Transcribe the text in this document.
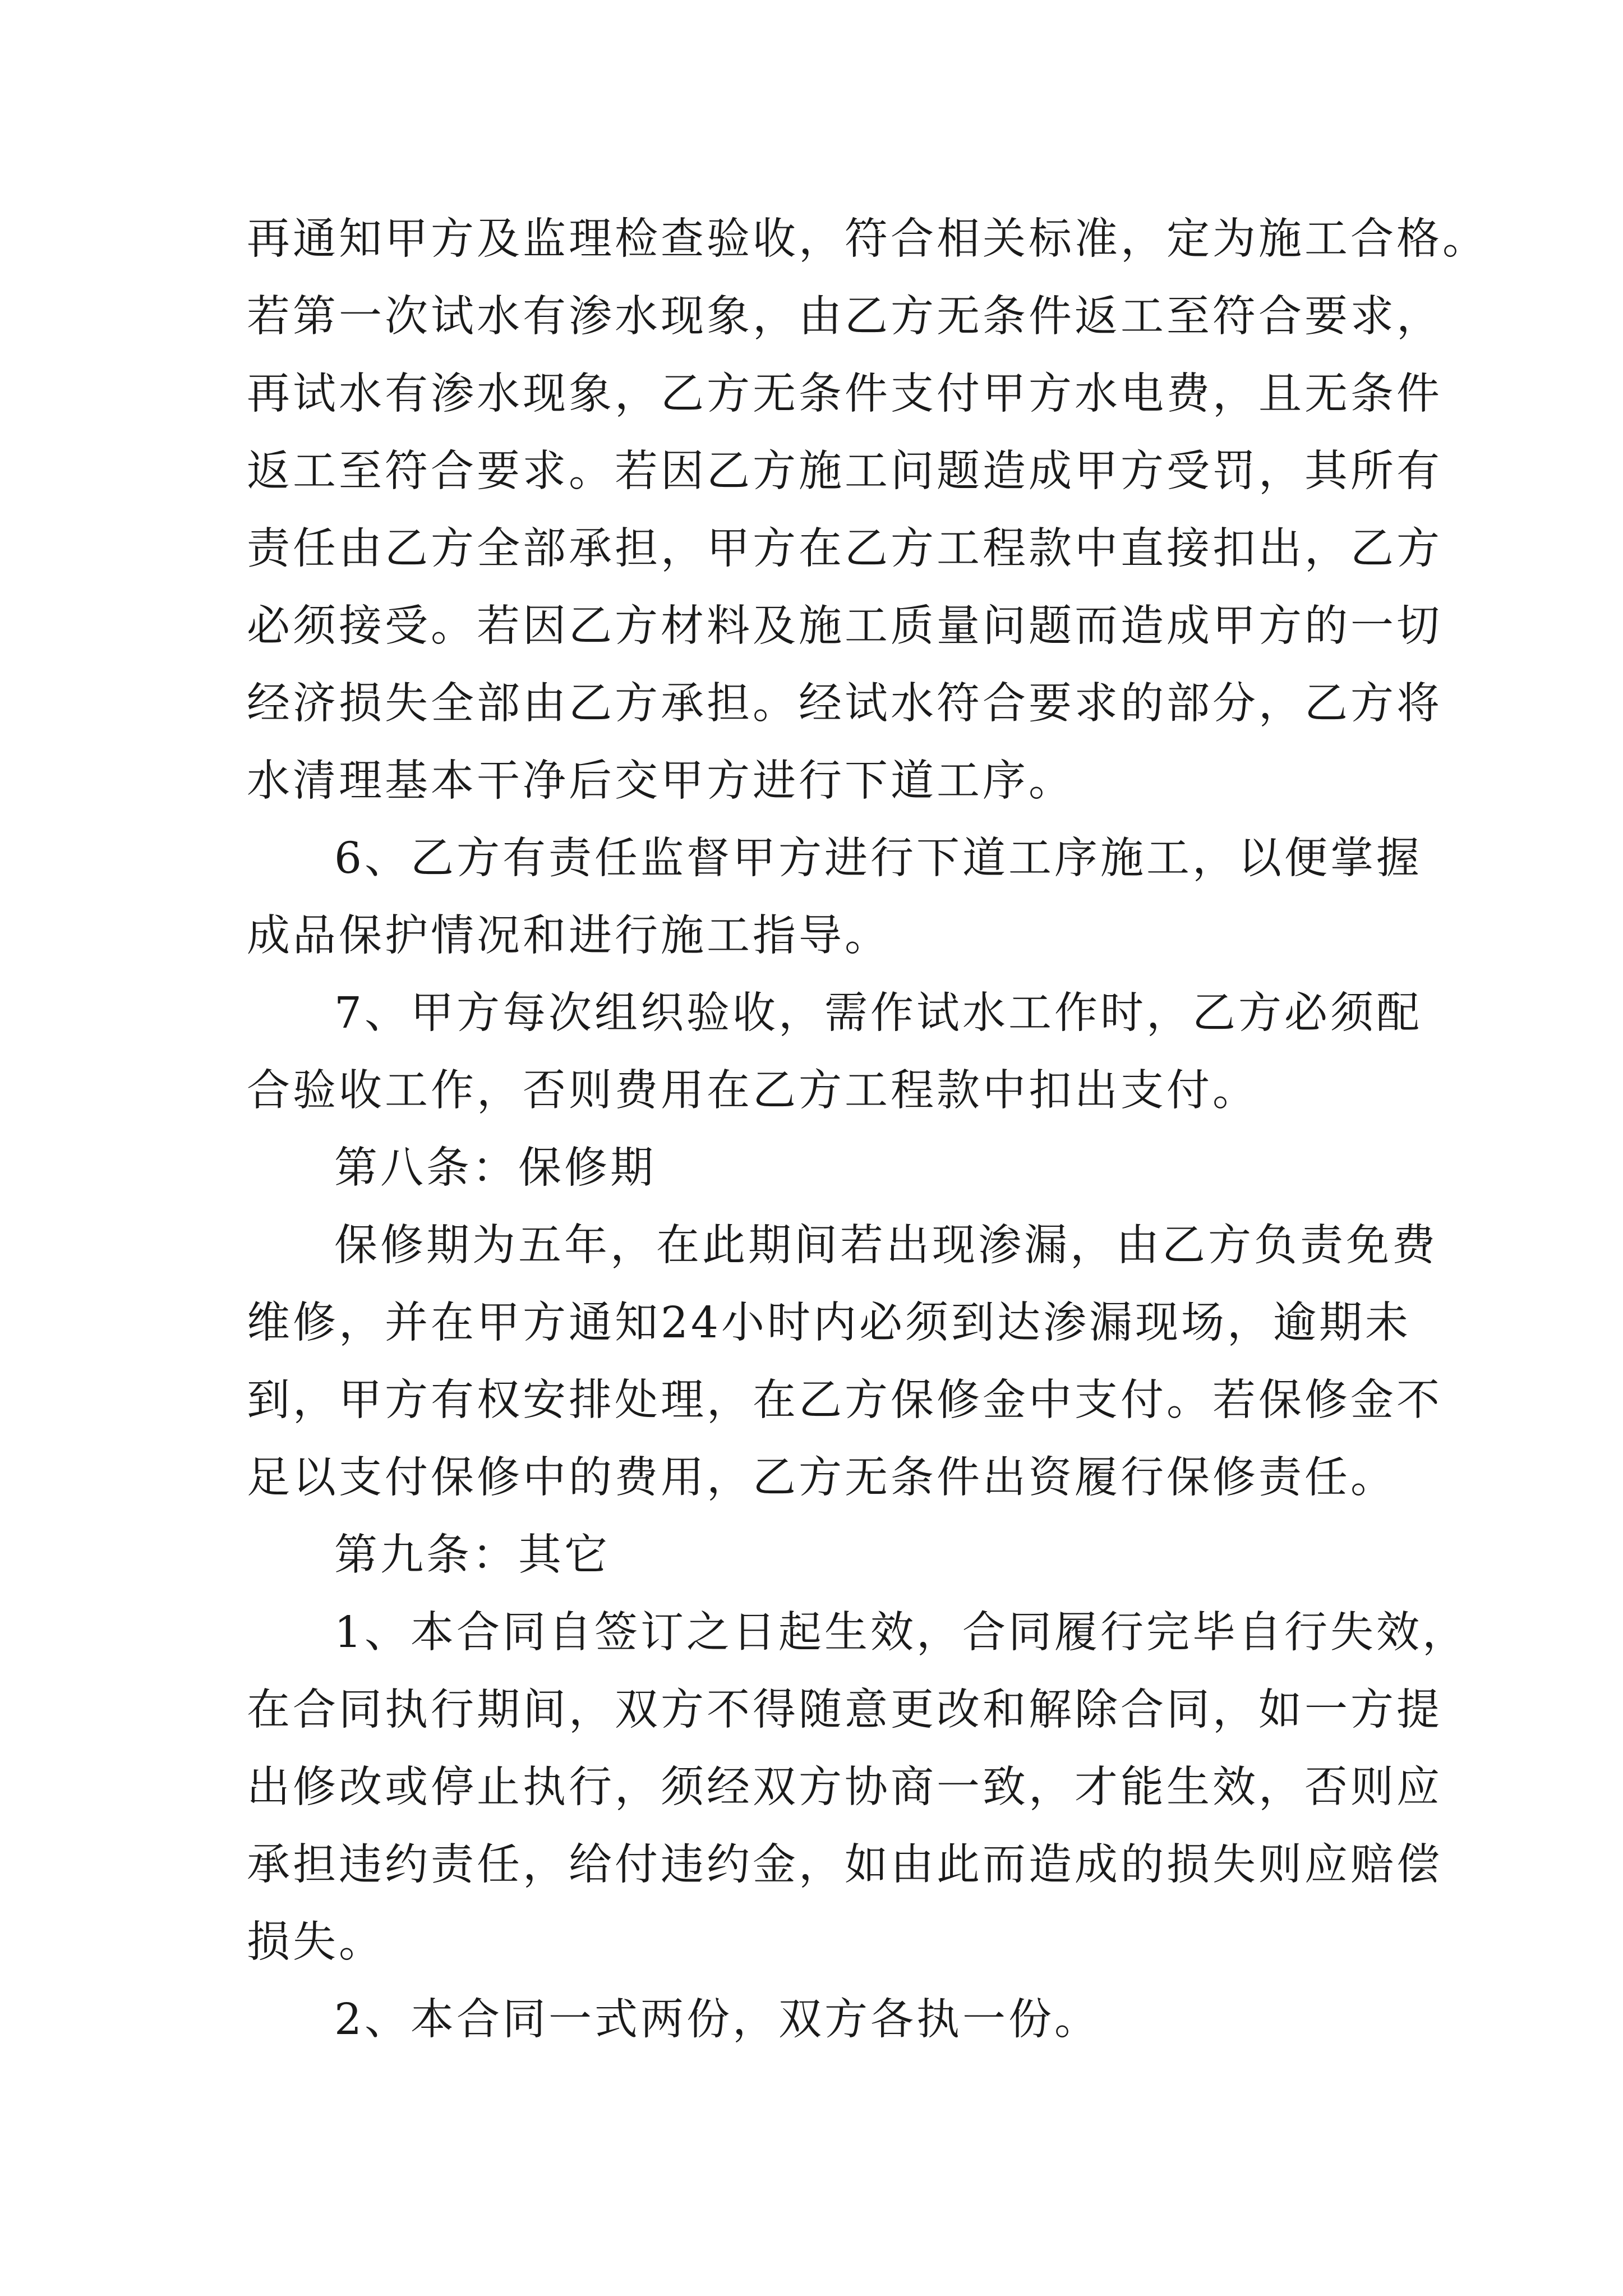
再通知甲方及监理检查验收，符合相关标准，定为施工合格。
若第一次试水有渗水现象，由乙方无条件返工至符合要求，
再试水有渗水现象，乙方无条件支付甲方水电费，且无条件
返工至符合要求。若因乙方施工问题造成甲方受罚，其所有
责任由乙方全部承担，甲方在乙方工程款中直接扣出，乙方
必须接受。若因乙方材料及施工质量问题而造成甲方的一切
经济损失全部由乙方承担。经试水符合要求的部分，乙方将
水清理基本干净后交甲方进行下道工序。
6、乙方有责任监督甲方进行下道工序施工，以便掌握
成品保护情况和进行施工指导。
7、甲方每次组织验收，需作试水工作时，乙方必须配
合验收工作，否则费用在乙方工程款中扣出支付。
第八条：保修期
保修期为五年，在此期间若出现渗漏，由乙方负责免费
维修，并在甲方通知24小时内必须到达渗漏现场，逾期未
到，甲方有权安排处理，在乙方保修金中支付。若保修金不
足以支付保修中的费用，乙方无条件出资履行保修责任。
第九条：其它
1、本合同自签订之日起生效，合同履行完毕自行失效，
在合同执行期间，双方不得随意更改和解除合同，如一方提
出修改或停止执行，须经双方协商一致，才能生效，否则应
承担违约责任，给付违约金，如由此而造成的损失则应赔偿
损失。
2、本合同一式两份，双方各执一份。
